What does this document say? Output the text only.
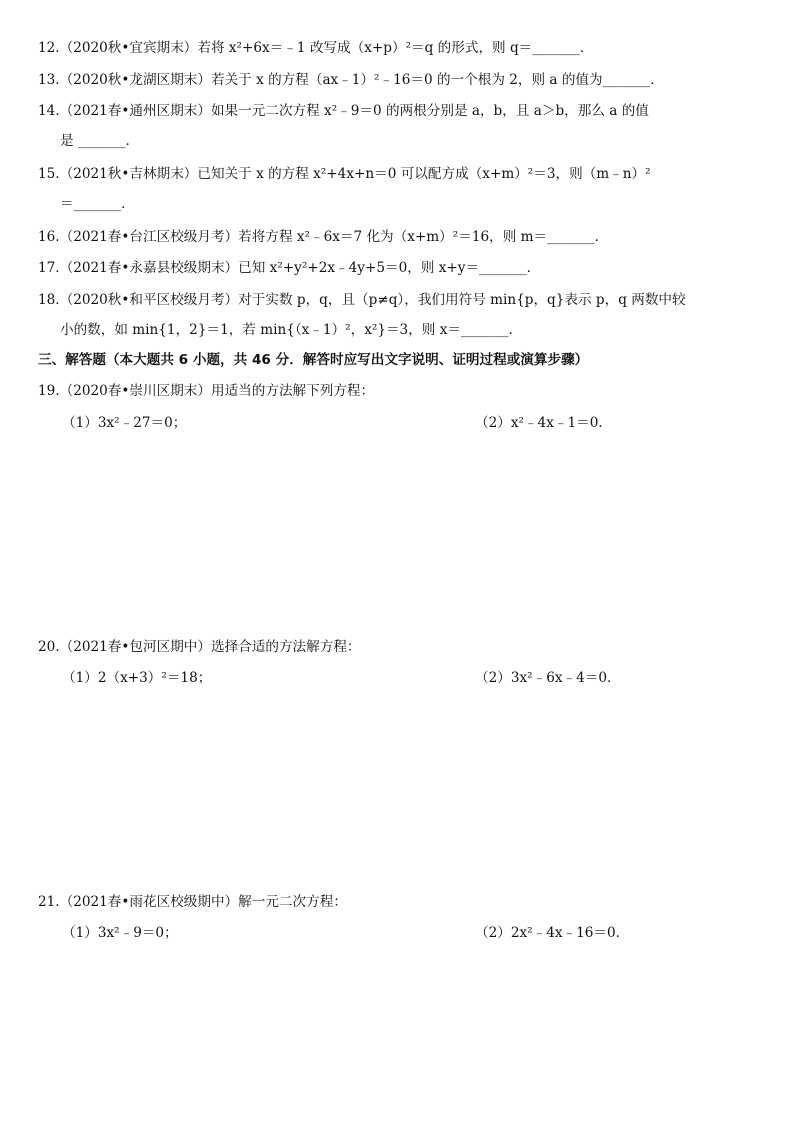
12.（2020秋•宜宾期末）若将 x²+6x＝﹣1 改写成（x+p）²＝q 的形式，则 q＝_______．
13.（2020秋•龙湖区期末）若关于 x 的方程（ax﹣1）²﹣16＝0 的一个根为 2，则 a 的值为_______．
14.（2021春•通州区期末）如果一元二次方程 x²﹣9＝0 的两根分别是 a，b，且 a＞b，那么 a 的值
是 _______．
15.（2021秋•吉林期末）已知关于 x 的方程 x²+4x+n＝0 可以配方成（x+m）²＝3，则（m﹣n）²
＝_______．
16.（2021春•台江区校级月考）若将方程 x²﹣6x＝7 化为（x+m）²＝16，则 m＝_______．
17.（2021春•永嘉县校级期末）已知 x²+y²+2x﹣4y+5＝0，则 x+y＝_______．
18.（2020秋•和平区校级月考）对于实数 p，q，且（p≠q），我们用符号 min{p，q}表示 p，q 两数中较
小的数，如 min{1，2}＝1，若 min{（x﹣1）²，x²}＝3，则 x＝_______．
三、解答题（本大题共 6 小题，共 46 分．解答时应写出文字说明、证明过程或演算步骤）
19.（2020春•崇川区期末）用适当的方法解下列方程：
（1）3x²﹣27＝0；	（2）x²﹣4x﹣1＝0．
20.（2021春•包河区期中）选择合适的方法解方程：
（1）2（x+3）²＝18；	（2）3x²﹣6x﹣4＝0．
21.（2021春•雨花区校级期中）解一元二次方程：
（1）3x²﹣9＝0；	（2）2x²﹣4x﹣16＝0．
